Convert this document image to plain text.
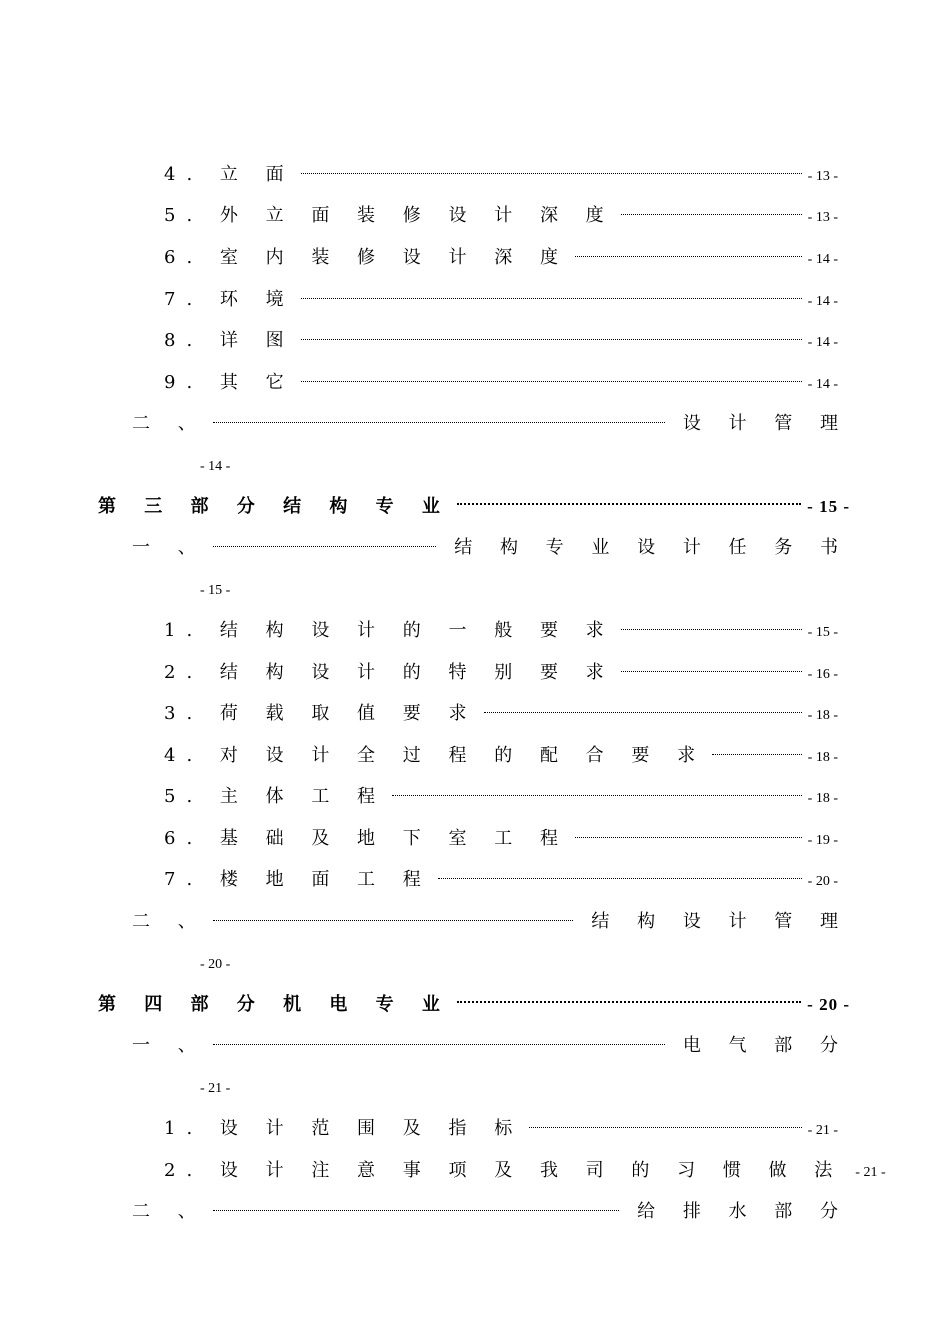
4. 立 面	- 13 -
5. 外 立 面 装 修 设 计 深 度	- 13 -
6. 室 内 装 修 设 计 深 度	- 14 -
7. 环 境	- 14 -
8. 详 图	- 14 -
9. 其 它	- 14 -
二 、	设 计 管 理
- 14 -
第 三 部 分 结 构 专 业	- 15 -
一 、	结 构 专 业 设 计 任 务 书
- 15 -
1. 结 构 设 计 的 一 般 要 求	- 15 -
2. 结 构 设 计 的 特 别 要 求	- 16 -
3. 荷 载 取 值 要 求	- 18 -
4. 对 设 计 全 过 程 的 配 合 要 求	- 18 -
5. 主 体 工 程	- 18 -
6. 基 础 及 地 下 室 工 程	- 19 -
7. 楼 地 面 工 程	- 20 -
二 、	结 构 设 计 管 理
- 20 -
第 四 部 分 机 电 专 业	- 20 -
一 、	电 气 部 分
- 21 -
1. 设 计 范 围 及 指 标	- 21 -
2. 设 计 注 意 事 项 及 我 司 的 习 惯 做 法 - 21 -
二 、	给 排 水 部 分
